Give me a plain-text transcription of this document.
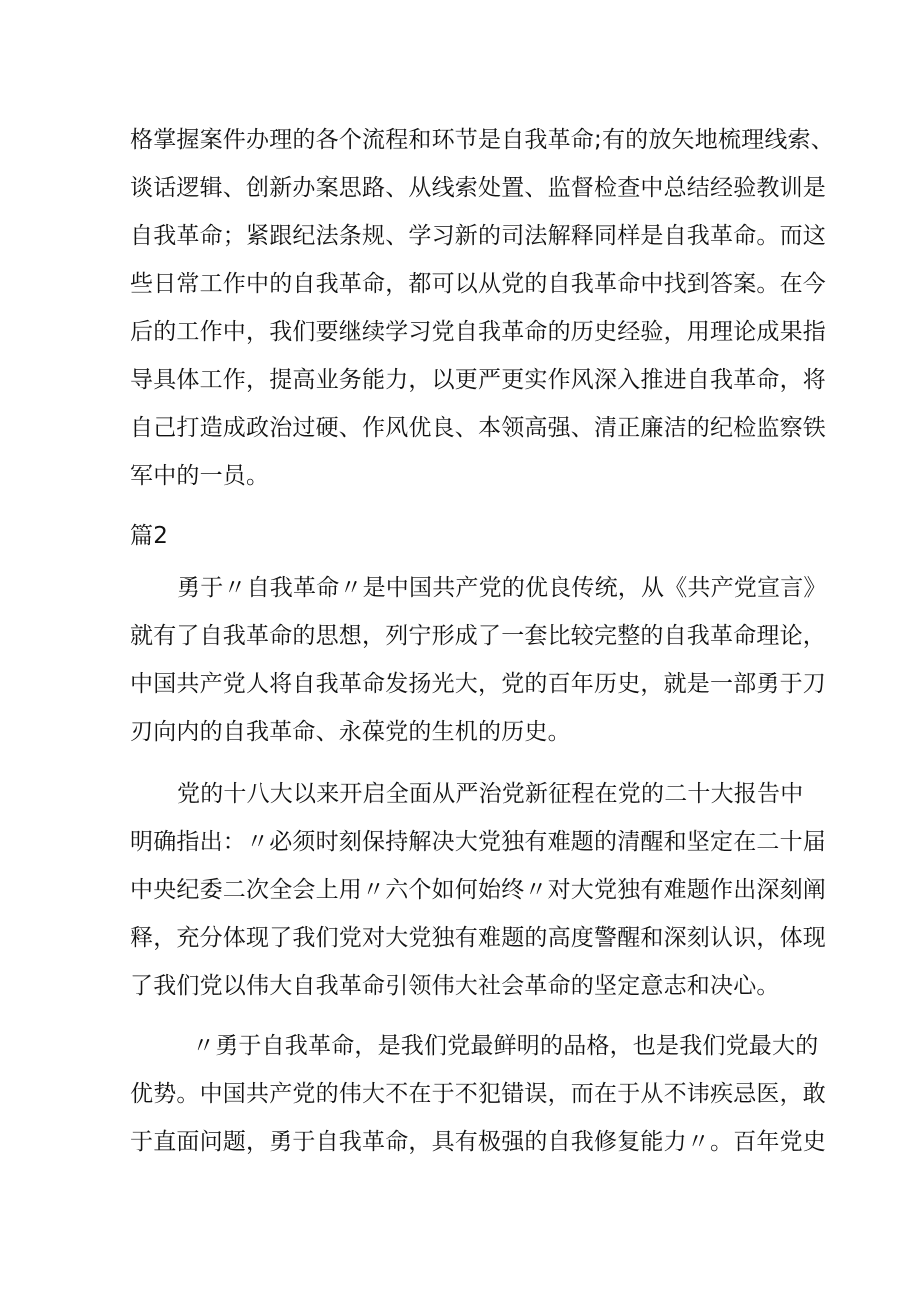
格掌握案件办理的各个流程和环节是自我革命;有的放矢地梳理线索、
谈话逻辑、创新办案思路、从线索处置、监督检查中总结经验教训是
自我革命；紧跟纪法条规、学习新的司法解释同样是自我革命。而这
些日常工作中的自我革命，都可以从党的自我革命中找到答案。在今
后的工作中，我们要继续学习党自我革命的历史经验，用理论成果指
导具体工作，提高业务能力，以更严更实作风深入推进自我革命，将
自己打造成政治过硬、作风优良、本领高强、清正廉洁的纪检监察铁
军中的一员。
篇2
勇于〃自我革命〃是中国共产党的优良传统，从《共产党宣言》
就有了自我革命的思想，列宁形成了一套比较完整的自我革命理论，
中国共产党人将自我革命发扬光大，党的百年历史，就是一部勇于刀
刃向内的自我革命、永葆党的生机的历史。
党的十八大以来开启全面从严治党新征程在党的二十大报告中
明确指出：〃必须时刻保持解决大党独有难题的清醒和坚定在二十届
中央纪委二次全会上用〃六个如何始终〃对大党独有难题作出深刻阐
释，充分体现了我们党对大党独有难题的高度警醒和深刻认识，体现
了我们党以伟大自我革命引领伟大社会革命的坚定意志和决心。
〃勇于自我革命，是我们党最鲜明的品格，也是我们党最大的
优势。中国共产党的伟大不在于不犯错误，而在于从不讳疾忌医，敢
于直面问题，勇于自我革命，具有极强的自我修复能力〃。百年党史
